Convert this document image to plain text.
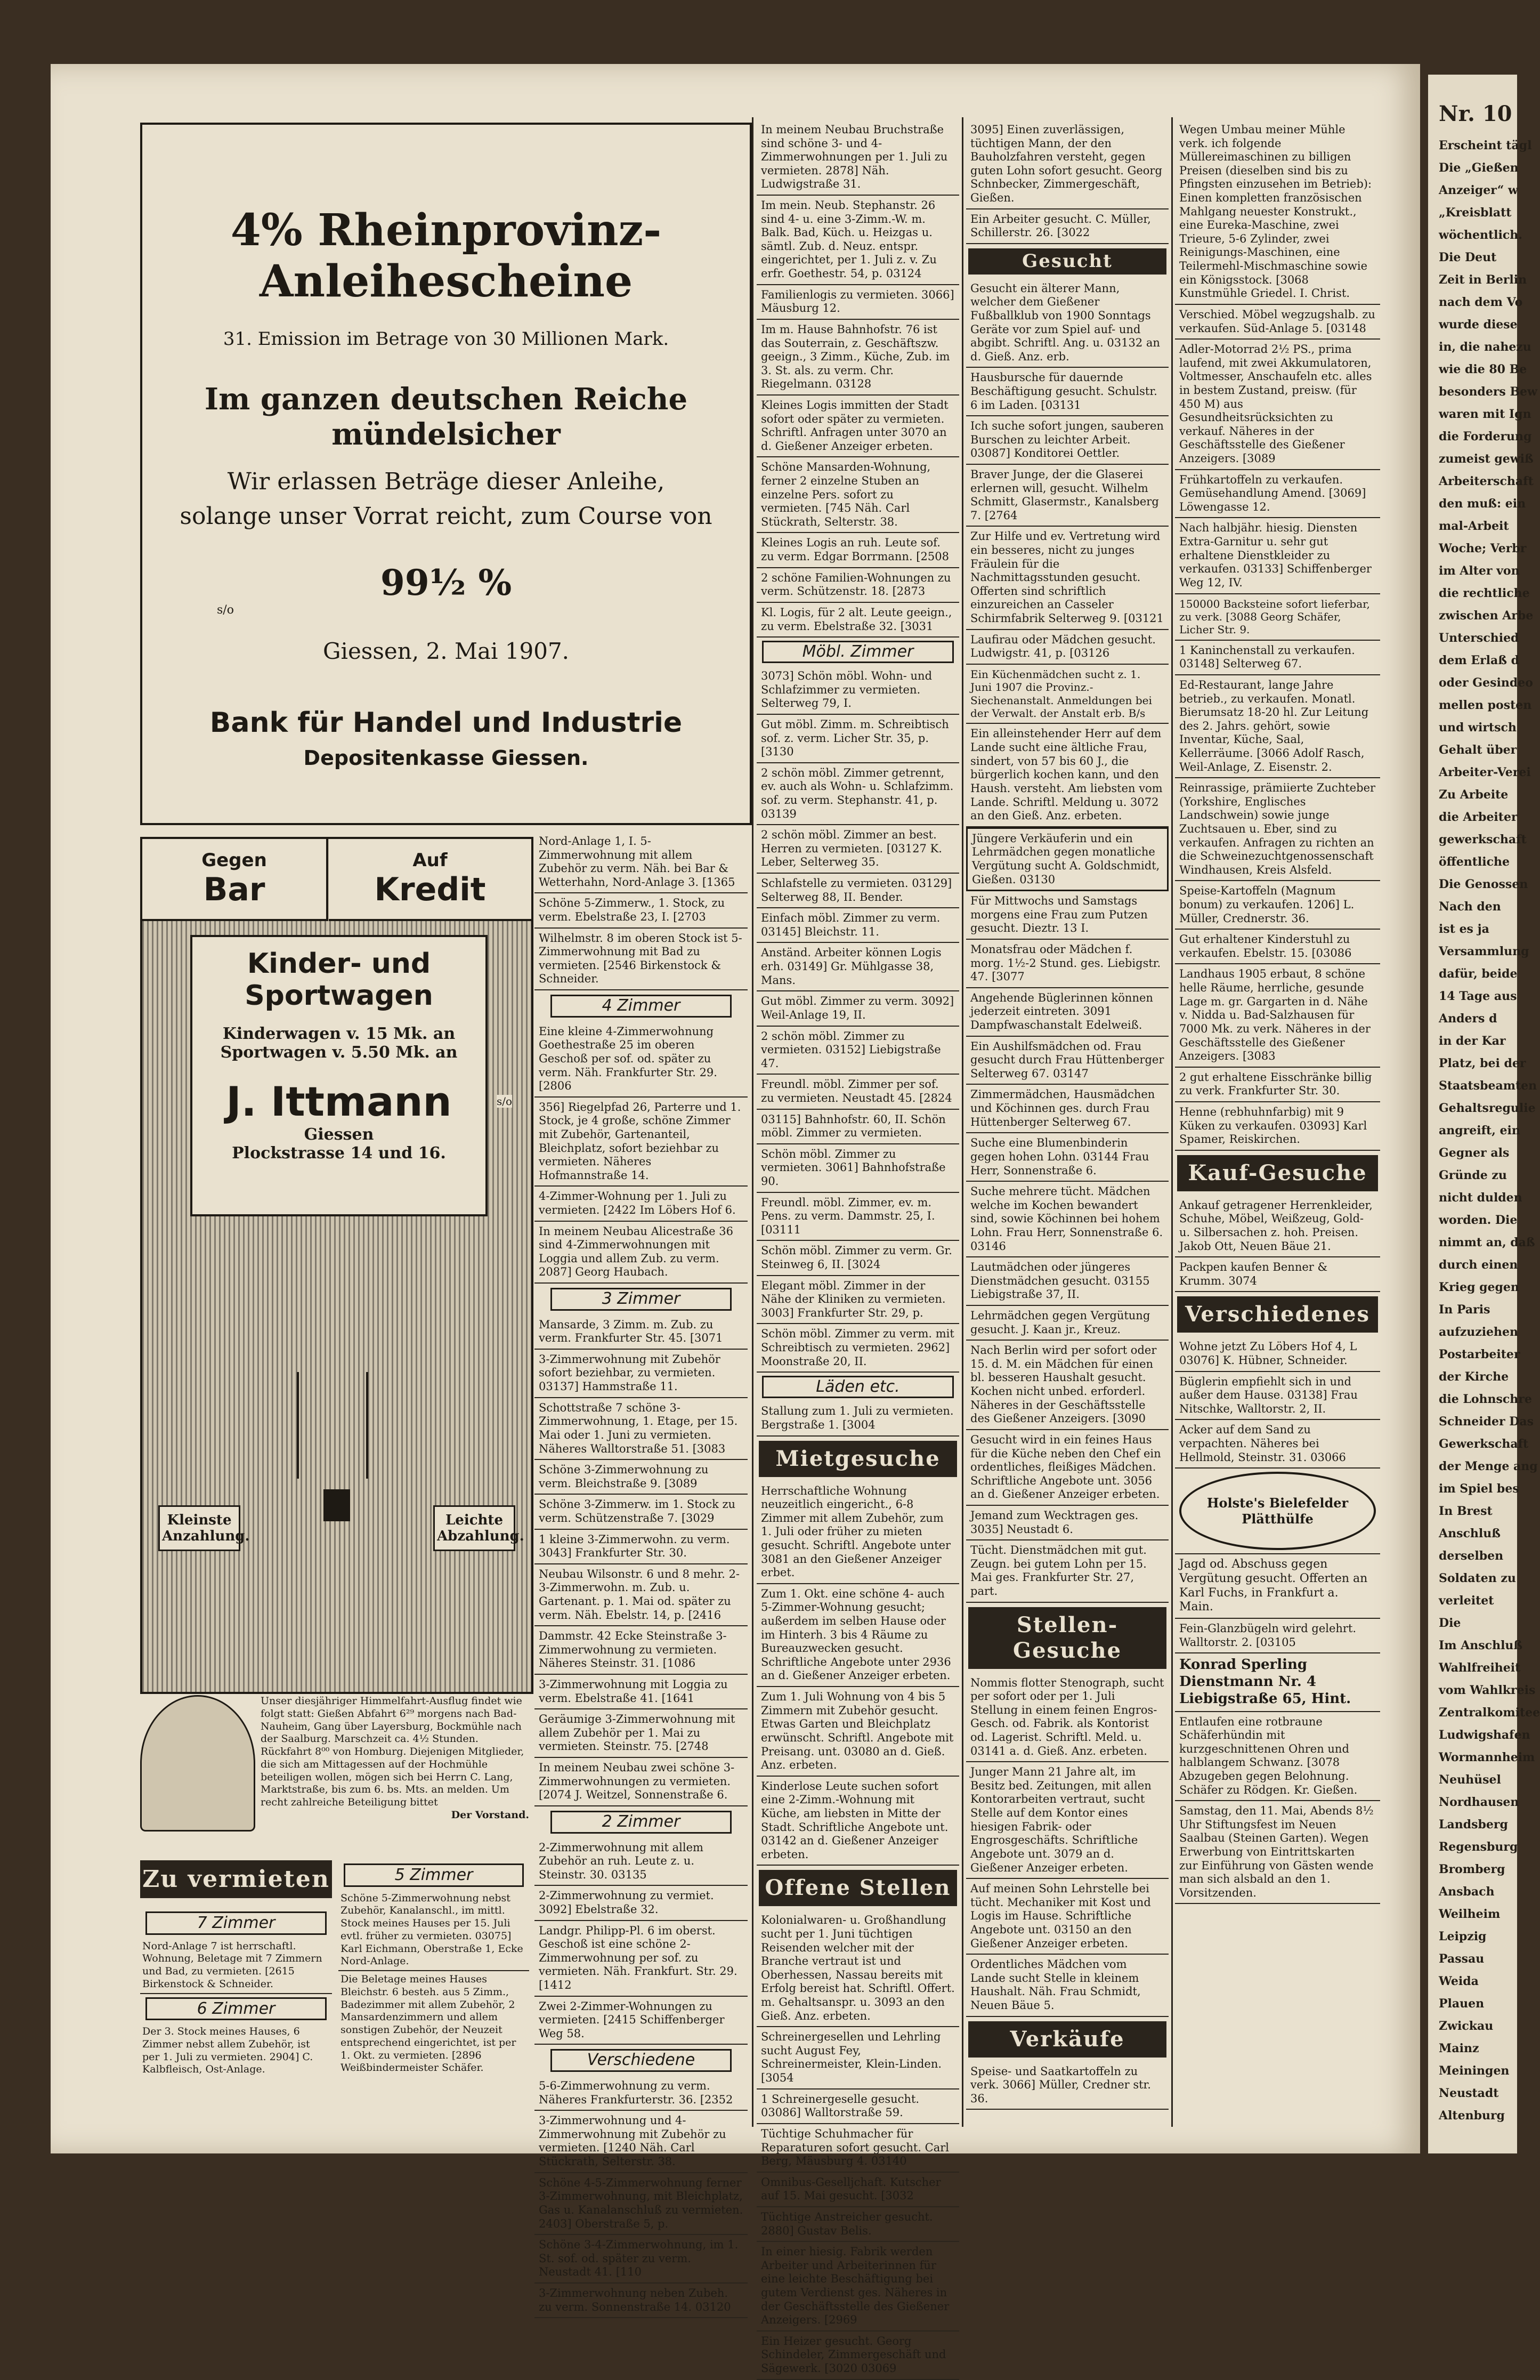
4% Rheinprovinz-Anleihescheine
31. Emission im Betrage von 30 Millionen Mark.
Im ganzen deutschen Reiche mündelsicher
Wir erlassen Beträge dieser Anleihe,
solange unser Vorrat reicht, zum Course von
99½ %
s/o
Giessen, 2. Mai 1907.
Bank für Handel und Industrie
Depositenkasse Giessen.
Gegen
Bar
Auf
Kredit
Kinder- und
Sportwagen
Kinderwagen v. 15 Mk. an
Sportwagen v. 5.50 Mk. an
J. Ittmann
Giessen
Plockstrasse 14 und 16.
s/o
Kleinste Anzahlung.
Leichte Abzahlung.
Unser diesjähriger Himmelfahrt-Ausflug findet wie folgt statt: Gießen Abfahrt 6²⁹ morgens nach Bad-Nauheim, Gang über Layersburg, Bockmühle nach der Saalburg. Marschzeit ca. 4½ Stunden. Rückfahrt 8⁰⁰ von Homburg. Diejenigen Mitglieder, die sich am Mittagessen auf der Hochmühle beteiligen wollen, mögen sich bei Herrn C. Lang, Marktstraße, bis zum 6. bs. Mts. an melden. Um recht zahlreiche Beteiligung bittet
Der Vorstand.
Zu vermieten
7 Zimmer
Nord-Anlage 7 ist herrschaftl. Wohnung, Beletage mit 7 Zimmern und Bad, zu vermieten. [2615 Birkenstock & Schneider.
6 Zimmer
Der 3. Stock meines Hauses, 6 Zimmer nebst allem Zubehör, ist per 1. Juli zu vermieten. 2904] C. Kalbfleisch, Ost-Anlage.
5 Zimmer
Schöne 5-Zimmerwohnung nebst Zubehör, Kanalanschl., im mittl. Stock meines Hauses per 15. Juli evtl. früher zu vermieten. 03075] Karl Eichmann, Oberstraße 1, Ecke Nord-Anlage.
Die Beletage meines Hauses Bleichstr. 6 besteh. aus 5 Zimm., Badezimmer mit allem Zubehör, 2 Mansardenzimmern und allem sonstigen Zubehör, der Neuzeit entsprechend eingerichtet, ist per 1. Okt. zu vermieten. [2896 Weißbindermeister Schäfer.
Nord-Anlage 1, I. 5-Zimmerwohnung mit allem Zubehör zu verm. Näh. bei Bar & Wetterhahn, Nord-Anlage 3. [1365
Schöne 5-Zimmerw., 1. Stock, zu verm. Ebelstraße 23, I. [2703
Wilhelmstr. 8 im oberen Stock ist 5-Zimmerwohnung mit Bad zu vermieten. [2546 Birkenstock & Schneider.
4 Zimmer
Eine kleine 4-Zimmerwohnung Goethestraße 25 im oberen Geschoß per sof. od. später zu verm. Näh. Frankfurter Str. 29. [2806
356] Riegelpfad 26, Parterre und 1. Stock, je 4 große, schöne Zimmer mit Zubehör, Gartenanteil, Bleichplatz, sofort beziehbar zu vermieten. Näheres Hofmannstraße 14.
4-Zimmer-Wohnung per 1. Juli zu vermieten. [2422 Im Löbers Hof 6.
In meinem Neubau Alicestraße 36 sind 4-Zimmerwohnungen mit Loggia und allem Zub. zu verm. 2087] Georg Haubach.
3 Zimmer
Mansarde, 3 Zimm. m. Zub. zu verm. Frankfurter Str. 45. [3071
3-Zimmerwohnung mit Zubehör sofort beziehbar, zu vermieten. 03137] Hammstraße 11.
Schottstraße 7 schöne 3-Zimmerwohnung, 1. Etage, per 15. Mai oder 1. Juni zu vermieten. Näheres Walltorstraße 51. [3083
Schöne 3-Zimmerwohnung zu verm. Bleichstraße 9. [3089
Schöne 3-Zimmerw. im 1. Stock zu verm. Schützenstraße 7. [3029
1 kleine 3-Zimmerwohn. zu verm. 3043] Frankfurter Str. 30.
Neubau Wilsonstr. 6 und 8 mehr. 2-3-Zimmerwohn. m. Zub. u. Gartenant. p. 1. Mai od. später zu verm. Näh. Ebelstr. 14, p. [2416
Dammstr. 42 Ecke Steinstraße 3-Zimmerwohnung zu vermieten. Näheres Steinstr. 31. [1086
3-Zimmerwohnung mit Loggia zu verm. Ebelstraße 41. [1641
Geräumige 3-Zimmerwohnung mit allem Zubehör per 1. Mai zu vermieten. Steinstr. 75. [2748
In meinem Neubau zwei schöne 3-Zimmerwohnungen zu vermieten. [2074 J. Weitzel, Sonnenstraße 6.
2 Zimmer
2-Zimmerwohnung mit allem Zubehör an ruh. Leute z. u. Steinstr. 30. 03135
2-Zimmerwohnung zu vermiet. 3092] Ebelstraße 32.
Landgr. Philipp-Pl. 6 im oberst. Geschoß ist eine schöne 2-Zimmerwohnung per sof. zu vermieten. Näh. Frankfurt. Str. 29. [1412
Zwei 2-Zimmer-Wohnungen zu vermieten. [2415 Schiffenberger Weg 58.
Verschiedene
5-6-Zimmerwohnung zu verm. Näheres Frankfurterstr. 36. [2352
3-Zimmerwohnung und 4-Zimmerwohnung mit Zubehör zu vermieten. [1240 Näh. Carl Stückrath, Selterstr. 38.
Schöne 4-5-Zimmerwohnung ferner 3-Zimmerwohnung, mit Bleichplatz, Gas u. Kanalanschluß zu vermieten. 2403] Oberstraße 5, p.
Schöne 3-4-Zimmerwohnung, im 1. St. sof. od. später zu verm. Neustadt 41. [110
3-Zimmerwohnung neben Zubeh. zu verm. Sonnenstraße 14. 03120
In meinem Neubau Bruchstraße sind schöne 3- und 4-Zimmerwohnungen per 1. Juli zu vermieten. 2878] Näh. Ludwigstraße 31.
Im mein. Neub. Stephanstr. 26 sind 4- u. eine 3-Zimm.-W. m. Balk. Bad, Küch. u. Heizgas u. sämtl. Zub. d. Neuz. entspr. eingerichtet, per 1. Juli z. v. Zu erfr. Goethestr. 54, p. 03124
Familienlogis zu vermieten. 3066] Mäusburg 12.
Im m. Hause Bahnhofstr. 76 ist das Souterrain, z. Geschäftszw. geeign., 3 Zimm., Küche, Zub. im 3. St. als. zu verm. Chr. Riegelmann. 03128
Kleines Logis immitten der Stadt sofort oder später zu vermieten. Schriftl. Anfragen unter 3070 an d. Gießener Anzeiger erbeten.
Schöne Mansarden-Wohnung, ferner 2 einzelne Stuben an einzelne Pers. sofort zu vermieten. [745 Näh. Carl Stückrath, Selterstr. 38.
Kleines Logis an ruh. Leute sof. zu verm. Edgar Borrmann. [2508
2 schöne Familien-Wohnungen zu verm. Schützenstr. 18. [2873
Kl. Logis, für 2 alt. Leute geeign., zu verm. Ebelstraße 32. [3031
Möbl. Zimmer
3073] Schön möbl. Wohn- und Schlafzimmer zu vermieten. Selterweg 79, I.
Gut möbl. Zimm. m. Schreibtisch sof. z. verm. Licher Str. 35, p. [3130
2 schön möbl. Zimmer getrennt, ev. auch als Wohn- u. Schlafzimm. sof. zu verm. Stephanstr. 41, p. 03139
2 schön möbl. Zimmer an best. Herren zu vermieten. [03127 K. Leber, Selterweg 35.
Schlafstelle zu vermieten. 03129] Selterweg 88, II. Bender.
Einfach möbl. Zimmer zu verm. 03145] Bleichstr. 11.
Anständ. Arbeiter können Logis erh. 03149] Gr. Mühlgasse 38, Mans.
Gut möbl. Zimmer zu verm. 3092] Weil-Anlage 19, II.
2 schön möbl. Zimmer zu vermieten. 03152] Liebigstraße 47.
Freundl. möbl. Zimmer per sof. zu vermieten. Neustadt 45. [2824
03115] Bahnhofstr. 60, II. Schön möbl. Zimmer zu vermieten.
Schön möbl. Zimmer zu vermieten. 3061] Bahnhofstraße 90.
Freundl. möbl. Zimmer, ev. m. Pens. zu verm. Dammstr. 25, I. [03111
Schön möbl. Zimmer zu verm. Gr. Steinweg 6, II. [3024
Elegant möbl. Zimmer in der Nähe der Kliniken zu vermieten. 3003] Frankfurter Str. 29, p.
Schön möbl. Zimmer zu verm. mit Schreibtisch zu vermieten. 2962] Moonstraße 20, II.
Läden etc.
Stallung zum 1. Juli zu vermieten. Bergstraße 1. [3004
Mietgesuche
Herrschaftliche Wohnung neuzeitlich eingericht., 6-8 Zimmer mit allem Zubehör, zum 1. Juli oder früher zu mieten gesucht. Schriftl. Angebote unter 3081 an den Gießener Anzeiger erbet.
Zum 1. Okt. eine schöne 4- auch 5-Zimmer-Wohnung gesucht; außerdem im selben Hause oder im Hinterh. 3 bis 4 Räume zu Bureauzwecken gesucht. Schriftliche Angebote unter 2936 an d. Gießener Anzeiger erbeten.
Zum 1. Juli Wohnung von 4 bis 5 Zimmern mit Zubehör gesucht. Etwas Garten und Bleichplatz erwünscht. Schriftl. Angebote mit Preisang. unt. 03080 an d. Gieß. Anz. erbeten.
Kinderlose Leute suchen sofort eine 2-Zimm.-Wohnung mit Küche, am liebsten in Mitte der Stadt. Schriftliche Angebote unt. 03142 an d. Gießener Anzeiger erbeten.
Offene Stellen
Kolonialwaren- u. Großhandlung sucht per 1. Juni tüchtigen Reisenden welcher mit der Branche vertraut ist und Oberhessen, Nassau bereits mit Erfolg bereist hat. Schriftl. Offert. m. Gehaltsanspr. u. 3093 an den Gieß. Anz. erbeten.
Schreinergesellen und Lehrling sucht August Fey, Schreinermeister, Klein-Linden. [3054
1 Schreinergeselle gesucht. 03086] Walltorstraße 59.
Tüchtige Schuhmacher für Reparaturen sofort gesucht. Carl Berg, Mäusburg 4. 03140
Omnibus-Geselljchaft. Kutscher auf 15. Mai gesucht. [3032
Tüchtige Anstreicher gesucht. 2880] Gustav Belis.
In einer hiesig. Fabrik werden Arbeiter und Arbeiterinnen für eine leichte Beschäftigung bei gutem Verdienst ges. Näheres in der Geschäftsstelle des Gießener Anzeigers. [2969
Ein Heizer gesucht. Georg Schindeler, Zimmergeschäft und Sägewerk. [3020 03069
3095] Einen zuverlässigen, tüchtigen Mann, der den Bauholzfahren versteht, gegen guten Lohn sofort gesucht. Georg Schnbecker, Zimmergeschäft, Gießen.
Ein Arbeiter gesucht. C. Müller, Schillerstr. 26. [3022
Gesucht
Gesucht ein älterer Mann, welcher dem Gießener Fußballklub von 1900 Sonntags Geräte vor zum Spiel auf- und abgibt. Schriftl. Ang. u. 03132 an d. Gieß. Anz. erb.
Hausbursche für dauernde Beschäftigung gesucht. Schulstr. 6 im Laden. [03131
Ich suche sofort jungen, sauberen Burschen zu leichter Arbeit. 03087] Konditorei Oettler.
Braver Junge, der die Glaserei erlernen will, gesucht. Wilhelm Schmitt, Glasermstr., Kanalsberg 7. [2764
Zur Hilfe und ev. Vertretung wird ein besseres, nicht zu junges Fräulein für die Nachmittagsstunden gesucht. Offerten sind schriftlich einzureichen an Casseler Schirmfabrik Selterweg 9. [03121
Laufirau oder Mädchen gesucht. Ludwigstr. 41, p. [03126
Ein Küchenmädchen sucht z. 1. Juni 1907 die Provinz.-Siechenanstalt. Anmeldungen bei der Verwalt. der Anstalt erb. B/s
Ein alleinstehender Herr auf dem Lande sucht eine ältliche Frau, sindert, von 57 bis 60 J., die bürgerlich kochen kann, und den Haush. versteht. Am liebsten vom Lande. Schriftl. Meldung u. 3072 an den Gieß. Anz. erbeten.
Jüngere Verkäuferin und ein Lehrmädchen gegen monatliche Vergütung sucht A. Goldschmidt, Gießen. 03130
Für Mittwochs und Samstags morgens eine Frau zum Putzen gesucht. Dieztr. 13 I.
Monatsfrau oder Mädchen f. morg. 1½-2 Stund. ges. Liebigstr. 47. [3077
Angehende Büglerinnen können jederzeit eintreten. 3091 Dampfwaschanstalt Edelweiß.
Ein Aushilfsmädchen od. Frau gesucht durch Frau Hüttenberger Selterweg 67. 03147
Zimmermädchen, Hausmädchen und Köchinnen ges. durch Frau Hüttenberger Selterweg 67.
Suche eine Blumenbinderin gegen hohen Lohn. 03144 Frau Herr, Sonnenstraße 6.
Suche mehrere tücht. Mädchen welche im Kochen bewandert sind, sowie Köchinnen bei hohem Lohn. Frau Herr, Sonnenstraße 6. 03146
Lautmädchen oder jüngeres Dienstmädchen gesucht. 03155 Liebigstraße 37, II.
Lehrmädchen gegen Vergütung gesucht. J. Kaan jr., Kreuz.
Nach Berlin wird per sofort oder 15. d. M. ein Mädchen für einen bl. besseren Haushalt gesucht. Kochen nicht unbed. erforderl. Näheres in der Geschäftsstelle des Gießener Anzeigers. [3090
Gesucht wird in ein feines Haus für die Küche neben den Chef ein ordentliches, fleißiges Mädchen. Schriftliche Angebote unt. 3056 an d. Gießener Anzeiger erbeten.
Jemand zum Wecktragen ges. 3035] Neustadt 6.
Tücht. Dienstmädchen mit gut. Zeugn. bei gutem Lohn per 15. Mai ges. Frankfurter Str. 27, part.
Stellen-Gesuche
Nommis flotter Stenograph, sucht per sofort oder per 1. Juli Stellung in einem feinen Engros-Gesch. od. Fabrik. als Kontorist od. Lagerist. Schriftl. Meld. u. 03141 a. d. Gieß. Anz. erbeten.
Junger Mann 21 Jahre alt, im Besitz bed. Zeitungen, mit allen Kontorarbeiten vertraut, sucht Stelle auf dem Kontor eines hiesigen Fabrik- oder Engrosgeschäfts. Schriftliche Angebote unt. 3079 an d. Gießener Anzeiger erbeten.
Auf meinen Sohn Lehrstelle bei tücht. Mechaniker mit Kost und Logis im Hause. Schriftliche Angebote unt. 03150 an den Gießener Anzeiger erbeten.
Ordentliches Mädchen vom Lande sucht Stelle in kleinem Haushalt. Näh. Frau Schmidt, Neuen Bäue 5.
Verkäufe
Speise- und Saatkartoffeln zu verk. 3066] Müller, Credner str. 36.
Wegen Umbau meiner Mühle verk. ich folgende Müllereimaschinen zu billigen Preisen (dieselben sind bis zu Pfingsten einzusehen im Betrieb): Einen kompletten französischen Mahlgang neuester Konstrukt., eine Eureka-Maschine, zwei Trieure, 5-6 Zylinder, zwei Reinigungs-Maschinen, eine Teilermehl-Mischmaschine sowie ein Königsstock. [3068 Kunstmühle Griedel. I. Christ.
Verschied. Möbel wegzugshalb. zu verkaufen. Süd-Anlage 5. [03148
Adler-Motorrad 2½ PS., prima laufend, mit zwei Akkumulatoren, Voltmesser, Anschaufeln etc. alles in bestem Zustand, preisw. (für 450 M) aus Gesundheitsrücksichten zu verkauf. Näheres in der Geschäftsstelle des Gießener Anzeigers. [3089
Frühkartoffeln zu verkaufen. Gemüsehandlung Amend. [3069] Löwengasse 12.
Nach halbjähr. hiesig. Diensten Extra-Garnitur u. sehr gut erhaltene Dienstkleider zu verkaufen. 03133] Schiffenberger Weg 12, IV.
150000 Backsteine sofort lieferbar, zu verk. [3088 Georg Schäfer, Licher Str. 9.
1 Kaninchenstall zu verkaufen. 03148] Selterweg 67.
Ed-Restaurant, lange Jahre betrieb., zu verkaufen. Monatl. Bierumsatz 18-20 hl. Zur Leitung des 2. Jahrs. gehört, sowie Inventar, Küche, Saal, Kellerräume. [3066 Adolf Rasch, Weil-Anlage, Z. Eisenstr. 2.
Reinrassige, prämiierte Zuchteber (Yorkshire, Englisches Landschwein) sowie junge Zuchtsauen u. Eber, sind zu verkaufen. Anfragen zu richten an die Schweinezuchtgenossenschaft Windhausen, Kreis Alsfeld.
Speise-Kartoffeln (Magnum bonum) zu verkaufen. 1206] L. Müller, Crednerstr. 36.
Gut erhaltener Kinderstuhl zu verkaufen. Ebelstr. 15. [03086
Landhaus 1905 erbaut, 8 schöne helle Räume, herrliche, gesunde Lage m. gr. Gargarten in d. Nähe v. Nidda u. Bad-Salzhausen für 7000 Mk. zu verk. Näheres in der Geschäftsstelle des Gießener Anzeigers. [3083
2 gut erhaltene Eisschränke billig zu verk. Frankfurter Str. 30.
Henne (rebhuhnfarbig) mit 9 Küken zu verkaufen. 03093] Karl Spamer, Reiskirchen.
Kauf-Gesuche
Ankauf getragener Herrenkleider, Schuhe, Möbel, Weißzeug, Gold- u. Silbersachen z. hoh. Preisen. Jakob Ott, Neuen Bäue 21.
Packpen kaufen Benner & Krumm. 3074
Verschiedenes
Wohne jetzt Zu Löbers Hof 4, L 03076] K. Hübner, Schneider.
Büglerin empfiehlt sich in und außer dem Hause. 03138] Frau Nitschke, Walltorstr. 2, II.
Acker auf dem Sand zu verpachten. Näheres bei Hellmold, Steinstr. 31. 03066
Holste's Bielefelder Plätthülfe
Jagd od. Abschuss gegen Vergütung gesucht. Offerten an Karl Fuchs, in Frankfurt a. Main.
Fein-Glanzbügeln wird gelehrt. Walltorstr. 2. [03105
Konrad Sperling Dienstmann Nr. 4 Liebigstraße 65, Hint.
Entlaufen eine rotbraune Schäferhündin mit kurzgeschnittenen Ohren und halblangem Schwanz. [3078 Abzugeben gegen Belohnung. Schäfer zu Rödgen. Kr. Gießen.
Samstag, den 11. Mai, Abends 8½ Uhr Stiftungsfest im Neuen Saalbau (Steinen Garten). Wegen Erwerbung von Eintrittskarten zur Einführung von Gästen wende man sich alsbald an den 1. Vorsitzenden.
Nr. 10
Erscheint tägl
Die „Gießen
Anzeiger“ w
„Kreisblatt
wöchentlich.
Die Deut
Zeit in Berlin
nach dem Vo
wurde diese
in, die nahezu
wie die 80 Be
besonders Bew
waren mit Ign
die Forderung
zumeist gewiß
Arbeiterschaft
den muß: ein
mal-Arbeit
Woche; Verbr
im Alter von
die rechtliche
zwischen Arbe
Unterschied
dem Erlaß d
oder Gesindeo
mellen posten
und wirtsch
Gehalt über
Arbeiter-Verei
Zu Arbeite
die Arbeiter
gewerkschaft
öffentliche
Die Genossen
Nach den
ist es ja
Versammlung
dafür, beide
14 Tage aus
Anders d
in der Kar
Platz, bei der
Staatsbeamten
Gehaltsregulie
angreift, ein
Gegner als
Gründe zu
nicht dulden
worden. Die
nimmt an, daß
durch einen
Krieg gegen
In Paris
aufzuziehen
Postarbeiter
der Kirche
die Lohnschre
Schneider Das
Gewerkschaft
der Menge ang
im Spiel bes
In Brest
Anschluß
derselben
Soldaten zu
verleitet
Die
Im Anschluß
Wahlfreiheit
vom Wahlkreis
Zentralkomitee
Ludwigshafen
Wormannheim
Neuhüsel
Nordhausen
Landsberg
Regensburg
Bromberg
Ansbach
Weilheim
Leipzig
Passau
Weida
Plauen
Zwickau
Mainz
Meiningen
Neustadt
Altenburg
